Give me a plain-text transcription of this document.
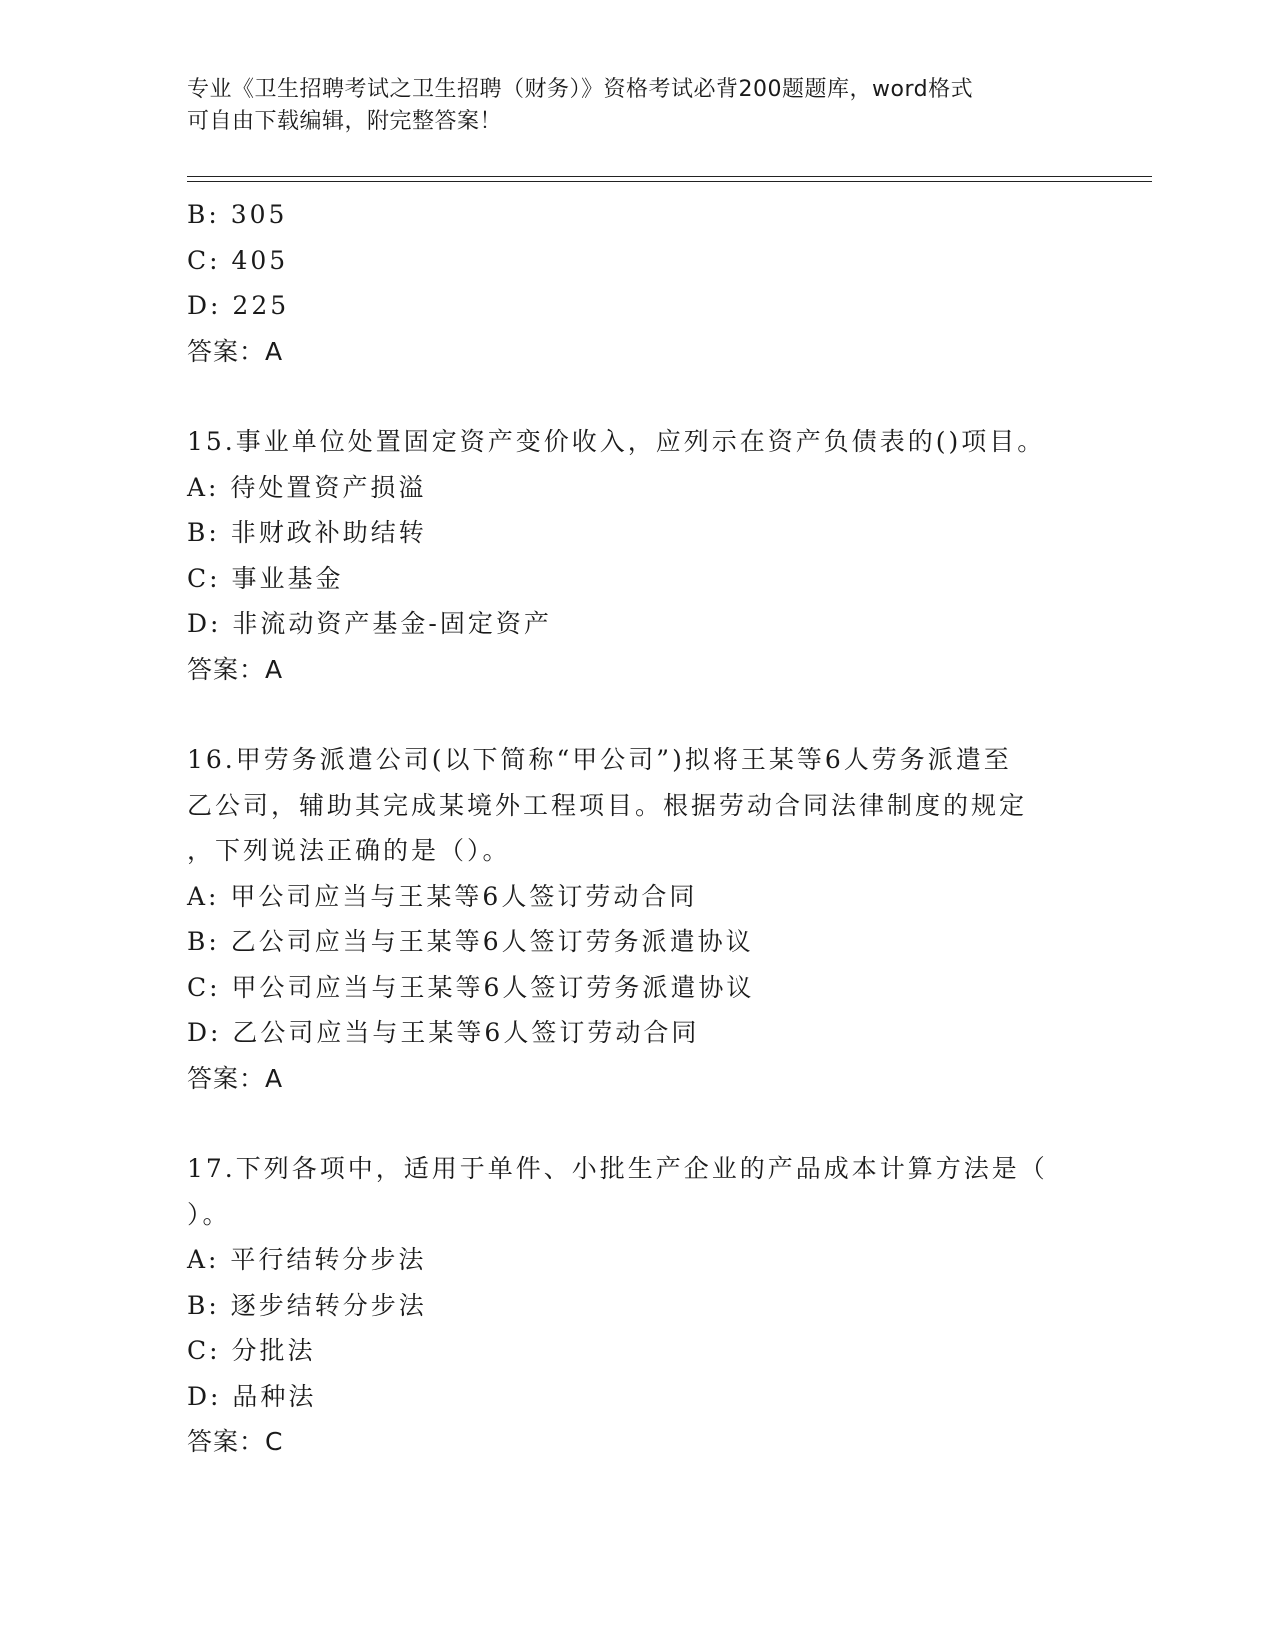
专业《卫生招聘考试之卫生招聘（财务）》资格考试必背200题题库，word格式
可自由下载编辑，附完整答案！
B: 305
C: 405
D: 225
答案：A
15.事业单位处置固定资产变价收入，应列示在资产负债表的()项目。
A: 待处置资产损溢
B: 非财政补助结转
C: 事业基金
D: 非流动资产基金-固定资产
答案：A
16.甲劳务派遣公司(以下简称“甲公司”)拟将王某等6人劳务派遣至
乙公司，辅助其完成某境外工程项目。根据劳动合同法律制度的规定
，下列说法正确的是（）。
A: 甲公司应当与王某等6人签订劳动合同
B: 乙公司应当与王某等6人签订劳务派遣协议
C: 甲公司应当与王某等6人签订劳务派遣协议
D: 乙公司应当与王某等6人签订劳动合同
答案：A
17.下列各项中，适用于单件、小批生产企业的产品成本计算方法是（
）。
A: 平行结转分步法
B: 逐步结转分步法
C: 分批法
D: 品种法
答案：C
